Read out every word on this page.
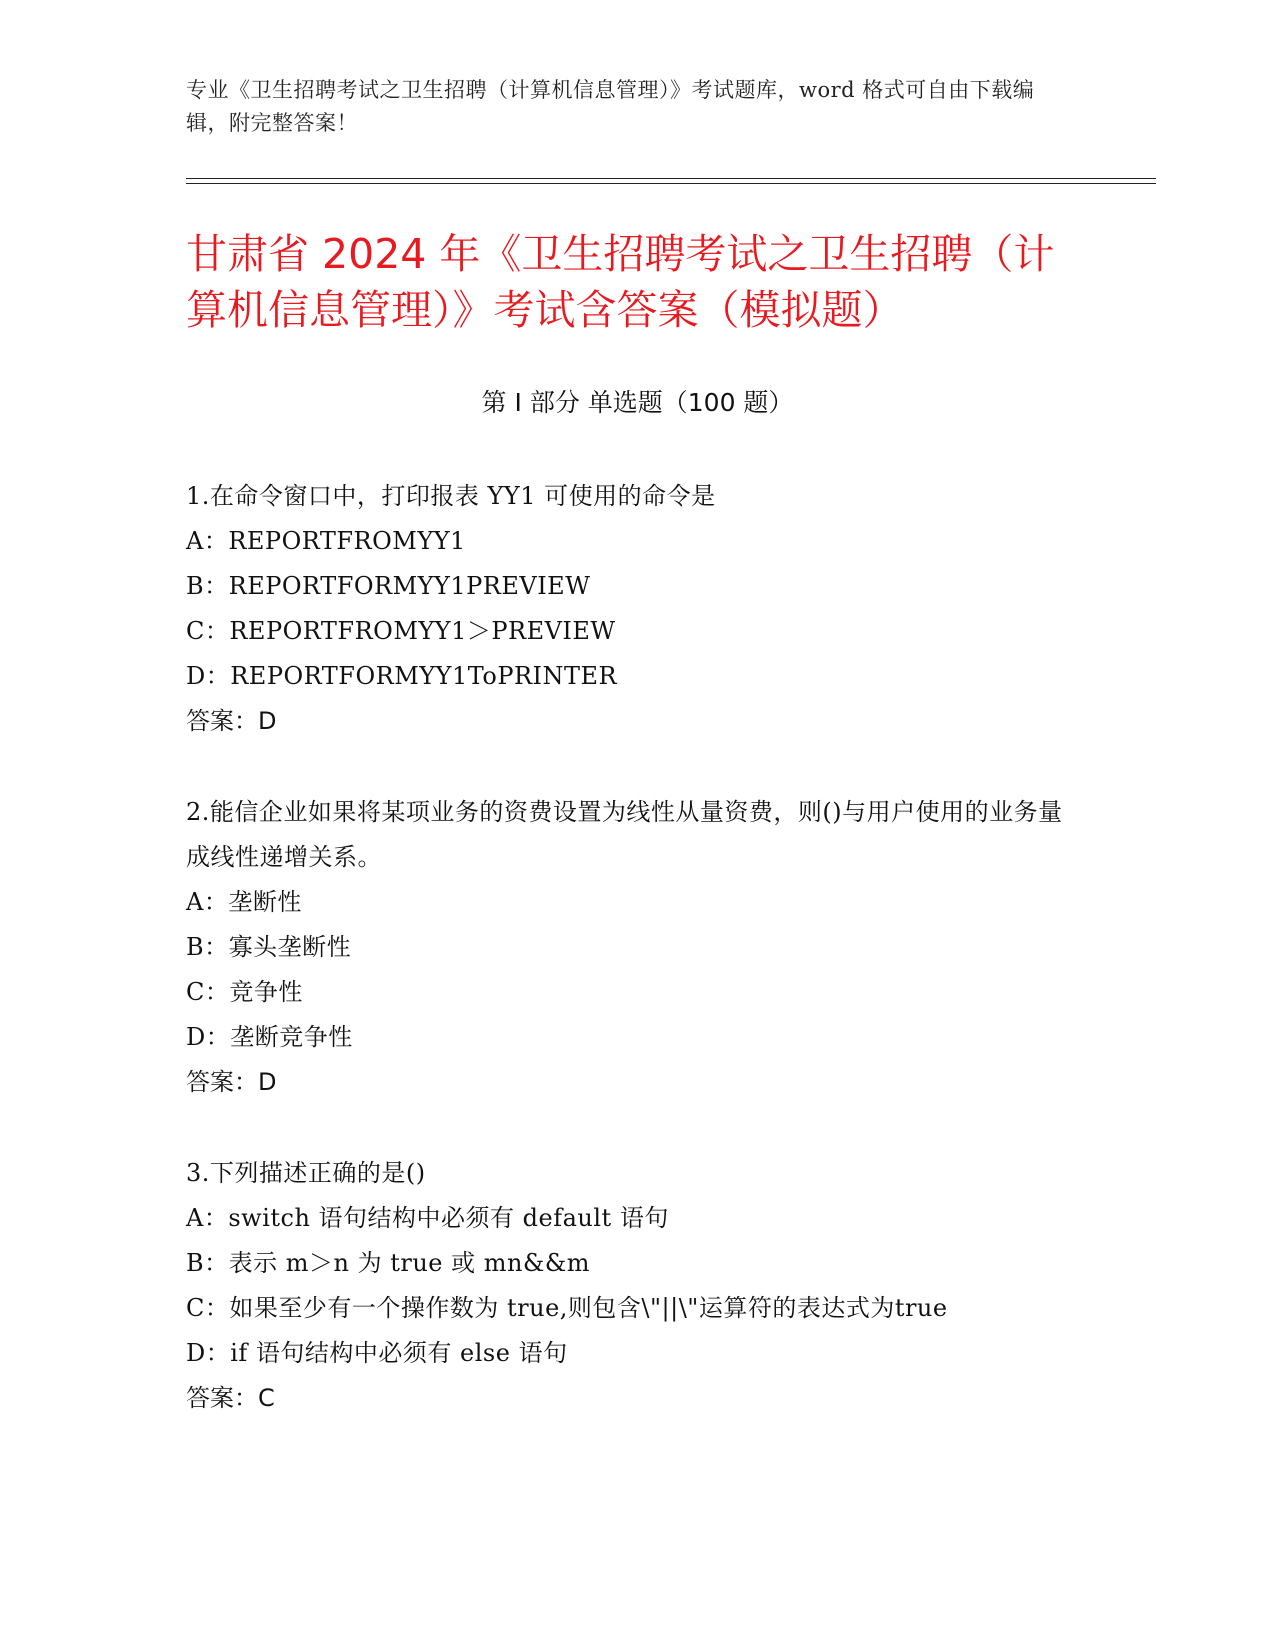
专业《卫生招聘考试之卫生招聘（计算机信息管理）》考试题库，word 格式可自由下载编辑，附完整答案！
甘肃省 2024 年《卫生招聘考试之卫生招聘（计算机信息管理）》考试含答案（模拟题）
第 I 部分 单选题（100 题）
1.在命令窗口中，打印报表 YY1 可使用的命令是
A：REPORTFROMYY1
B：REPORTFORMYY1PREVIEW
C：REPORTFROMYY1＞PREVIEW
D：REPORTFORMYY1ToPRINTER
答案：D
2.能信企业如果将某项业务的资费设置为线性从量资费，则()与用户使用的业务量成线性递增关系。
A：垄断性
B：寡头垄断性
C：竞争性
D：垄断竞争性
答案：D
3.下列描述正确的是()
A：switch 语句结构中必须有 default 语句
B：表示 m＞n 为 true 或 mn&&m
C：如果至少有一个操作数为 true,则包含\"||\"运算符的表达式为true
D：if 语句结构中必须有 else 语句
答案：C
